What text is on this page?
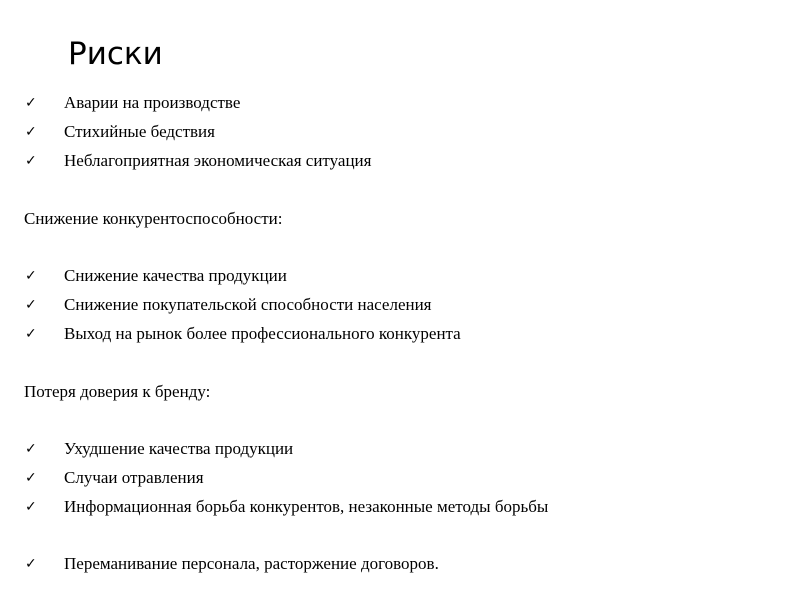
Риски
✓ Аварии на производстве
✓ Стихийные бедствия
✓ Неблагоприятная экономическая ситуация
Снижение конкурентоспособности:
✓ Снижение качества продукции
✓ Снижение покупательской способности населения
✓ Выход на рынок более профессионального конкурента
Потеря доверия к бренду:
✓ Ухудшение качества продукции
✓ Случаи отравления
✓ Информационная борьба конкурентов, незаконные методы борьбы
✓ Переманивание персонала, расторжение договоров.
